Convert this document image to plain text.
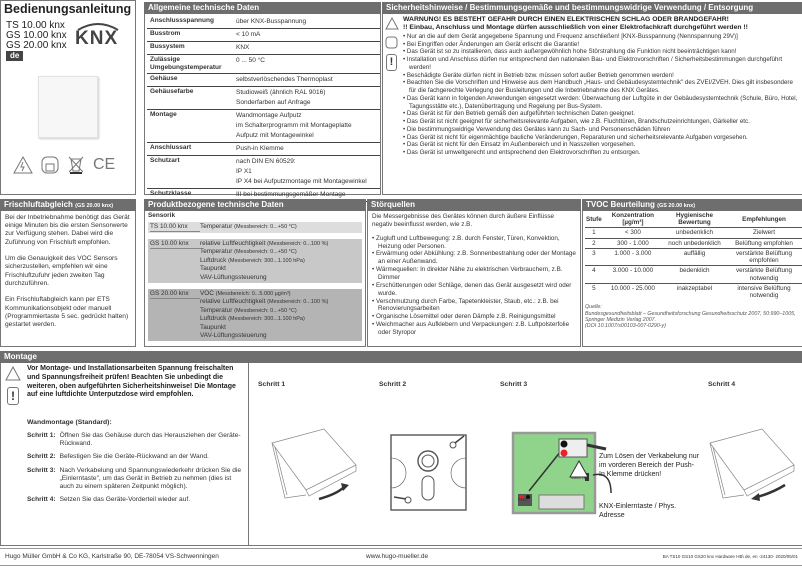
Bedienungsanleitung
TS 10.00 knx
GS 10.00 knx
GS 20.00 knx
de
KNX
CE
Allgemeine technische Daten
Anschlussspannung	über KNX-Busspannung

Busstrom	< 10 mA

Bussystem	KNX

Zulässige Umgebungstemperatur	0 ... 50 °C

Gehäuse	selbstverlöschendes Thermoplast

Gehäusefarbe	Studioweiß (ähnlich RAL 9016)
Sonderfarben auf Anfrage

Montage	Wandmontage Aufputz
im Schalterprogramm mit Montageplatte
Aufputz mit Montagewinkel

Anschlussart	Push-in Klemme

Schutzart	nach DIN EN 60529:
IP X1
IP X4 bei Aufputzmontage mit Montagewinkel

Schutzklasse	III bei bestimmungsgemäßer Montage
Sicherheitshinweise / Bestimmungsgemäße und bestimmungswidrige Verwendung / Entsorgung
!
WARNUNG! ES BESTEHT GEFAHR DURCH EINEN ELEKTRISCHEN SCHLAG ODER BRANDGEFAHR!
!! Einbau, Anschluss und Montage dürfen ausschließlich von einer Elektrofachkraft durchgeführt werden !!
• Nur an die auf dem Gerät angegebene Spannung und Frequenz anschließen! [KNX-Busspannung (Nennspannung 29V)]
• Bei Eingriffen oder Änderungen am Gerät erlischt die Garantie!
• Das Gerät ist so zu installieren, dass auch außergewöhnlich hohe Störstrahlung die Funktion nicht beeinträchtigen kann!
• Installation und Anschluss dürfen nur entsprechend den nationalen Bau- und Elektrovorschriften / Sicherheitsbestimmungen durchgeführt werden!
• Beschädigte Geräte dürfen nicht in Betrieb bzw. müssen sofort außer Betrieb genommen werden!
• Beachten Sie die Vorschriften und Hinweise aus dem Handbuch „Haus- und Gebäudesystemtechnik" des ZVEI/ZVEH. Dies gilt insbesondere für die fachgerechte Verlegung der Busleitungen und die Inbetriebnahme des KNX Gerätes.
• Das Gerät kann in folgenden Anwendungen eingesetzt werden: Überwachung der Luftgüte in der Gebäudesystemtechnik (Schule, Büro, Hotel, Tagungsstätte etc.), Datenübertragung und Regelung per Bus-System.
• Das Gerät ist für den Betrieb gemäß den aufgeführten technischen Daten geeignet.
• Das Gerät ist nicht geeignet für sicherheitsrelevante Aufgaben, wie z.B. Fluchttüren, Brandschutzeinrichtungen, Gärkeller etc.
• Die bestimmungswidrige Verwendung des Gerätes kann zu Sach- und Personenschäden führen
• Das Gerät ist nicht für eigenmächtige bauliche Veränderungen, Reparaturen und sicherheitsrelevante Aufgaben vorgesehen.
• Das Gerät ist nicht für den Einsatz im Außenbereich und in Nasszellen vorgesehen.
• Das Gerät ist umweltgerecht und entsprechend den Elektrovorschriften zu entsorgen.
Frischluftabgleich (GS 20.00 knx)

Bei der Inbetriebnahme benötigt das Gerät einige Minuten bis die ersten Sensorwerte zur Verfügung stehen. Dabei wird die Zuführung von Frischluft empfohlen.

Um die Genauigkeit des VOC Sensors sicherzustellen, empfehlen wir eine Frischluftzufuhr jeden zweiten Tag durchzuführen.

Ein Frischluftabgleich kann per ETS Kommunikationsobjekt oder manuell (Programmiertaste 5 sec. gedrückt halten) gestartet werden.

Produktbezogene technische Daten
Sensorik
TS 10.00 knx	Temperatur (Messbereich: 0...+50 °C)
GS 10.00 knx	relative Luftfeuchtigkeit (Messbereich: 0...100 %)
Temperatur (Messbereich: 0...+50 °C)
Luftdruck (Messbereich: 300...1.100 hPa)
Taupunkt
VAV-Lüftungssteuerung
GS 20.00 knx	VOC (Messbereich: 0...5.000 µg/m³)
relative Luftfeuchtigkeit (Messbereich: 0...100 %)
Temperatur (Messbereich: 0...+50 °C)
Luftdruck (Messbereich: 300...1.100 hPa)
Taupunkt
VAV-Lüftungssteuerung
Störquellen

Die Messergebnisse des Gerätes können durch äußere Einflüsse negativ beeinflusst werden, wie z.B.

• Zugluft und Luftbewegung: z.B. durch Fenster, Türen, Konvektion, Heizung oder Personen.
• Erwärmung oder Abkühlung: z.B. Sonnenbestrahlung oder der Montage an einer Außenwand.
• Wärmequellen: In direkter Nähe zu elektrischen Verbrauchern, z.B. Dimmer
• Erschütterungen oder Schläge, denen das Gerät ausgesetzt wird oder wurde.
• Verschmutzung durch Farbe, Tapetenkleister, Staub, etc.: z.B. bei Renovierungsarbeiten
• Organische Lösemittel oder deren Dämpfe z.B. Reinigungsmittel
• Weichmacher aus Aufklebern und Verpackungen: z.B. Luftpolsterfolie oder Styropor
TVOC Beurteilung (GS 20.00 knx)
Stufe	Konzentration [µg/m³]	Hygienische Bewertung	Empfehlungen
1	< 300	unbedenklich	Zielwert
2	300 - 1.000	noch unbedenklich	Belüftung empfohlen
3	1.000 - 3.000	auffällig	verstärkte Belüftung empfohlen
4	3.000 - 10.000	bedenklich	verstärkte Belüftung notwendig
5	10.000 - 25.000	inakzeptabel	intensive Belüftung notwendig
Quelle:
Bundesgesundheitsblatt – Gesundheitsforschung Gesundheitsschutz 2007, 50:990–1005, Springer Medizin Verlag 2007.
(DOI 10.1007/s00103-007-0290-y)
Montage
!
Vor Montage- und Installationsarbeiten Spannung freischalten und Spannungsfreiheit prüfen! Beachten Sie unbedingt die weiteren, oben aufgeführten Sicherheitshinweise! Die Montage auf eine luftdichte Unterputzdose wird empfohlen.
Wandmontage (Standard):
Schritt 1:	Öffnen Sie das Gehäuse durch das Herausziehen der Geräte-Rückwand.
Schritt 2:	Befestigen Sie die Geräte-Rückwand an der Wand.
Schritt 3:	Nach Verkabelung und Spannungswiederkehr drücken Sie die „Einlerntaste", um das Gerät in Betrieb zu nehmen (dies ist auch zu einem späteren Zeitpunkt möglich).
Schritt 4:	Setzen Sie das Geräte-Vorderteil wieder auf.
Schritt 1	Schritt 2	Schritt 3	Schritt 4
KNX
Status LED
Zum Lösen der Verkabelung nur im vorderen Bereich der Push-In Klemme drücken!
KNX-Einlerntaste / Phys. Adresse
Hugo Müller GmbH & Co KG, Karlstraße 90, DE-78054 VS-Schwenningen	www.hugo-mueller.de	BA TS10 GS10 GS20 knx Hardware HB\ de, en -24130- 2020/05/01
